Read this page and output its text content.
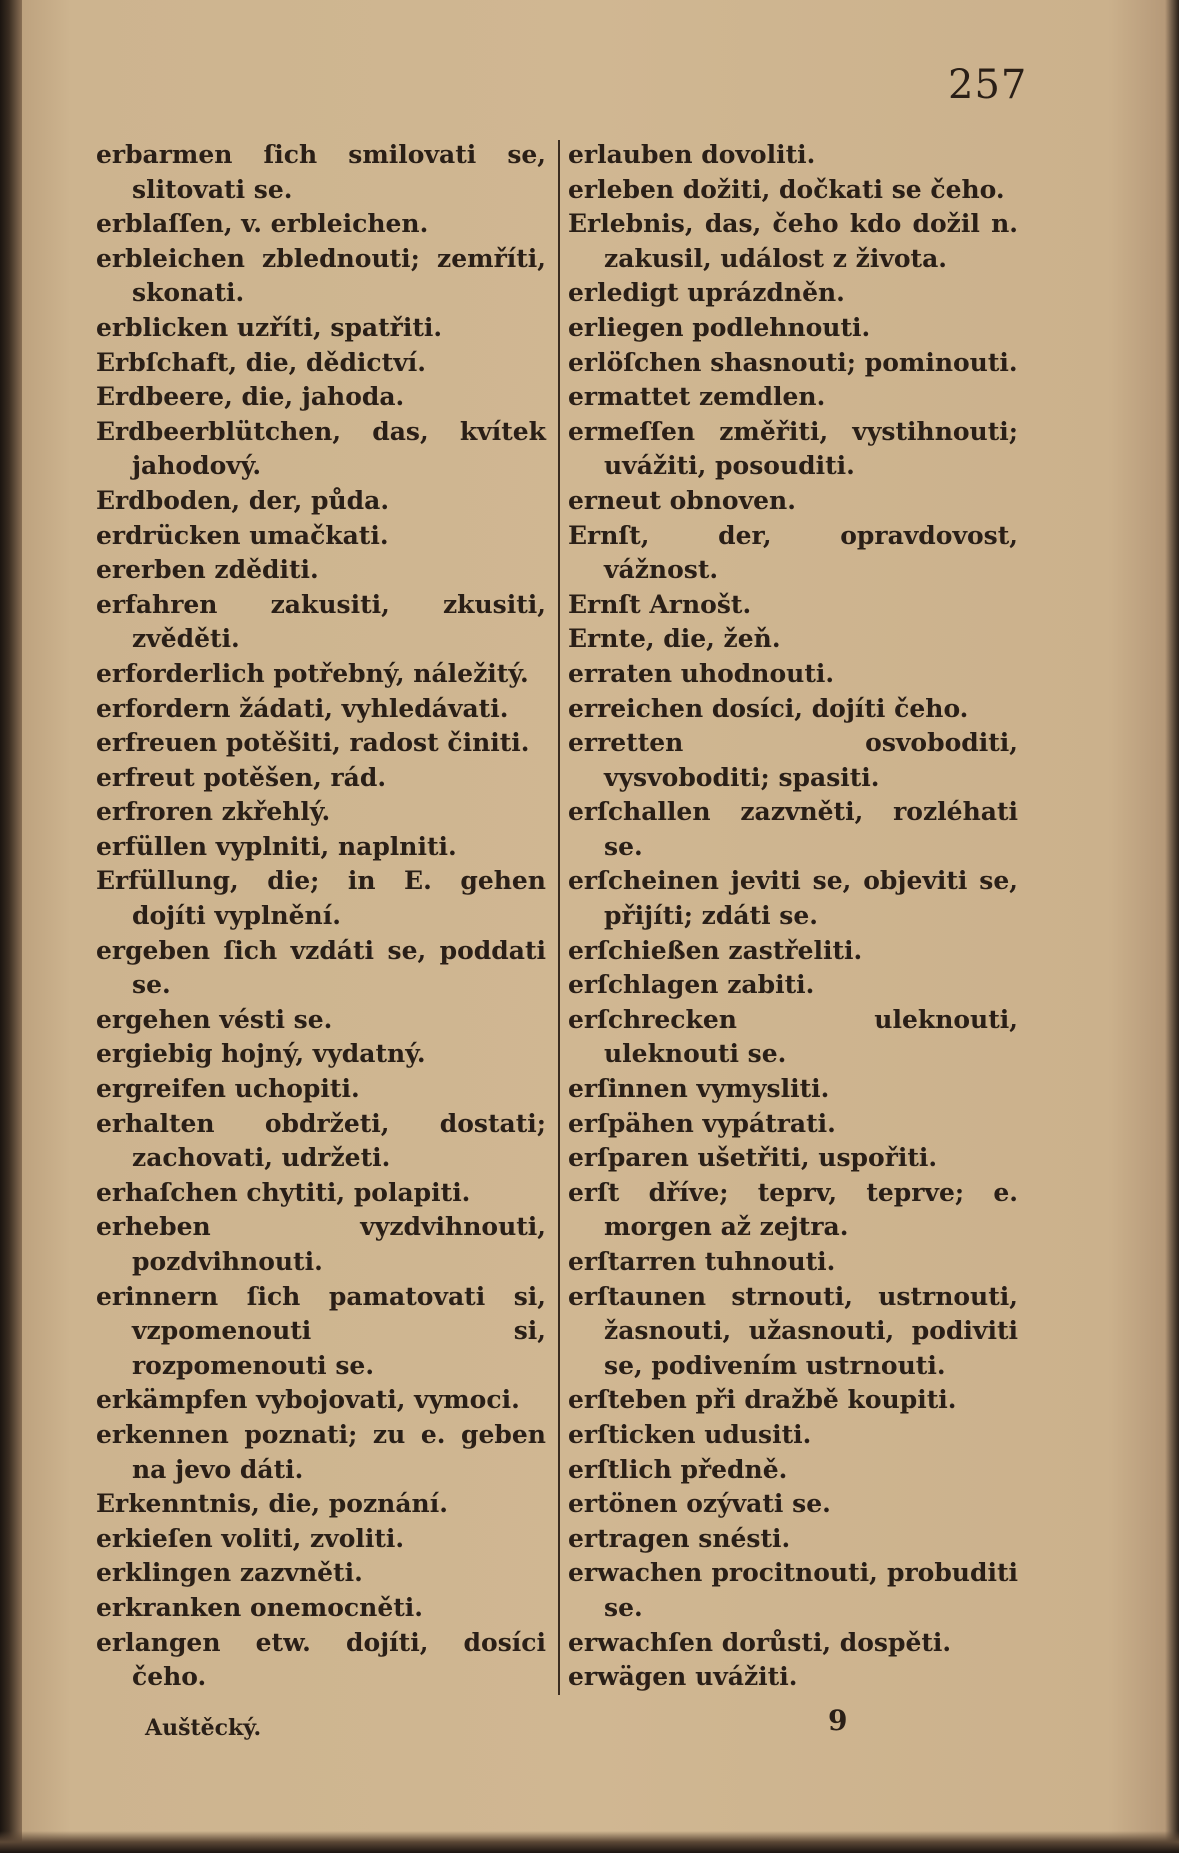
257

erbarmen ſich smilovati se, slitovati se.

erblaſſen, v. erbleichen.

erbleichen zblednouti; zemříti, skonati.

erblicken uzříti, spatřiti.

Erbſchaft, die, dědictví.

Erdbeere, die, jahoda.

Erdbeerblütchen, das, kvítek jahodový.

Erdboden, der, půda.

erdrücken umačkati.

ererben zděditi.

erfahren zakusiti, zkusiti, zvěděti.

erforderlich potřebný, náležitý.

erfordern žádati, vyhledávati.

erfreuen potěšiti, radost činiti.

erfreut potěšen, rád.

erfroren zkřehlý.

erfüllen vyplniti, naplniti.

Erfüllung, die; in E. gehen dojíti vyplnění.

ergeben ſich vzdáti se, poddati se.

ergehen vésti se.

ergiebig hojný, vydatný.

ergreifen uchopiti.

erhalten obdržeti, dostati; zachovati, udržeti.

erhaſchen chytiti, polapiti.

erheben vyzdvihnouti, pozdvihnouti.

erinnern ſich pamatovati si, vzpomenouti si, rozpomenouti se.

erkämpfen vybojovati, vymoci.

erkennen poznati; zu e. geben na jevo dáti.

Erkenntnis, die, poznání.

erkieſen voliti, zvoliti.

erklingen zazvněti.

erkranken onemocněti.

erlangen etw. dojíti, dosíci čeho.

erlauben dovoliti.

erleben dožiti, dočkati se čeho.

Erlebnis, das, čeho kdo dožil n. zakusil, událost z života.

erledigt uprázdněn.

erliegen podlehnouti.

erlöſchen shasnouti; pominouti.

ermattet zemdlen.

ermeſſen změřiti, vystihnouti; uvážiti, posouditi.

erneut obnoven.

Ernſt, der, opravdovost, vážnost.

Ernſt Arnošt.

Ernte, die, žeň.

erraten uhodnouti.

erreichen dosíci, dojíti čeho.

erretten osvoboditi, vysvoboditi; spasiti.

erſchallen zazvněti, rozléhati se.

erſcheinen jeviti se, objeviti se, přijíti; zdáti se.

erſchießen zastřeliti.

erſchlagen zabiti.

erſchrecken uleknouti, uleknouti se.

erſinnen vymysliti.

erſpähen vypátrati.

erſparen ušetřiti, uspořiti.

erſt dříve; teprv, teprve; e. morgen až zejtra.

erſtarren tuhnouti.

erſtaunen strnouti, ustrnouti, žasnouti, užasnouti, podiviti se, podivením ustrnouti.

erſteben při dražbě koupiti.

erſticken udusiti.

erſtlich předně.

ertönen ozývati se.

ertragen snésti.

erwachen procitnouti, probuditi se.

erwachſen dorůsti, dospěti.

erwägen uvážiti.

Auštěcký.	9
